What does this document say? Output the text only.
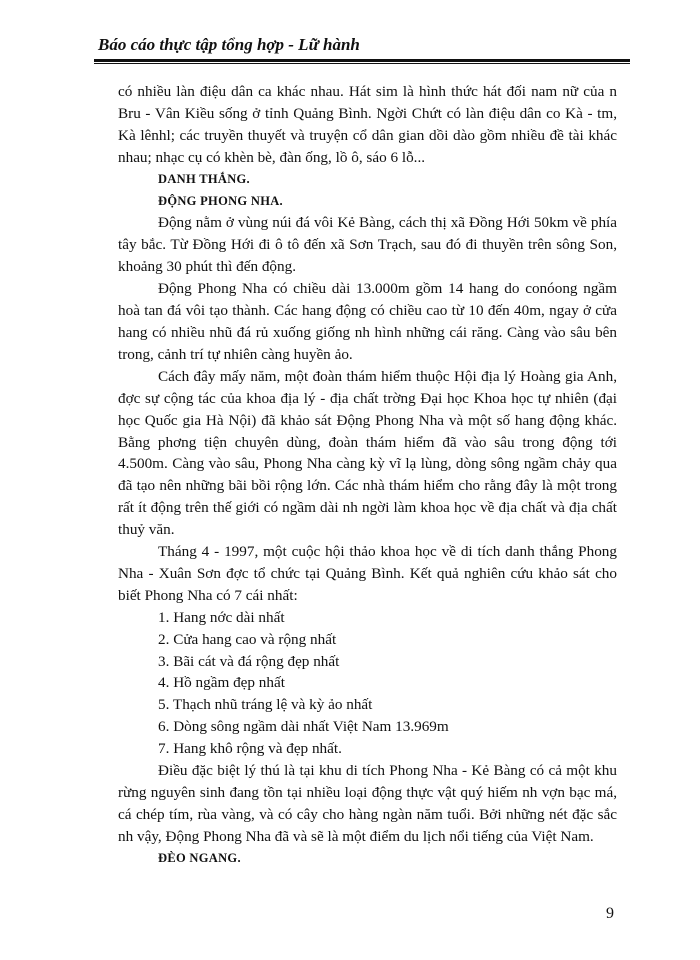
Báo cáo thực tập tổng hợp - Lữ hành

có nhiều làn điệu dân ca khác nhau. Hát sim là hình thức hát đối nam nữ của n Bru - Vân Kiều sống ở tỉnh Quảng Bình. Ngời Chứt có làn điệu dân co Kà - tm, Kà lênhl; các truyền thuyết và truyện cổ dân gian dồi dào gồm nhiều đề tài khác nhau; nhạc cụ có khèn bè, đàn ống, lồ ô, sáo 6 lỗ...

DANH THẮNG.
ĐỘNG PHONG NHA.

Động nằm ở vùng núi đá vôi Kẻ Bàng, cách thị xã Đồng Hới 50km về phía tây bắc. Từ Đồng Hới đi ô tô đến xã Sơn Trạch, sau đó đi thuyền trên sông Son, khoảng 30 phút thì đến động.

Động Phong Nha có chiều dài 13.000m gồm 14 hang do conóong ngầm hoà tan đá vôi tạo thành. Các hang động có chiều cao từ 10 đến 40m, ngay ở cửa hang có nhiều nhũ đá rủ xuống giống nh hình những cái răng. Càng vào sâu bên trong, cảnh trí tự nhiên càng huyền ảo.

Cách đây mấy năm, một đoàn thám hiểm thuộc Hội địa lý Hoàng gia Anh, đợc sự cộng tác của khoa địa lý - địa chất trờng Đại học Khoa học tự nhiên (đại học Quốc gia Hà Nội) đã khảo sát Động Phong Nha và một số hang động khác. Bằng phơng tiện chuyên dùng, đoàn thám hiểm đã vào sâu trong động tới 4.500m. Càng vào sâu, Phong Nha càng kỳ vĩ lạ lùng, dòng sông ngầm chảy qua đã tạo nên những bãi bồi rộng lớn. Các nhà thám hiểm cho rằng đây là một trong rất ít động trên thế giới có ngầm dài nh ngời làm khoa học về địa chất và địa chất thuỷ văn.

Tháng 4 - 1997, một cuộc hội thảo khoa học về di tích danh thắng Phong Nha - Xuân Sơn đợc tổ chức tại Quảng Bình. Kết quả nghiên cứu khảo sát cho biết Phong Nha có 7 cái nhất:

1. Hang nớc dài nhất
2. Cửa hang cao và rộng nhất
3. Bãi cát và đá rộng đẹp nhất
4. Hồ ngầm đẹp nhất
5. Thạch nhũ tráng lệ và kỳ ảo nhất
6. Dòng sông ngầm dài nhất Việt Nam 13.969m
7. Hang khô rộng và đẹp nhất.

Điều đặc biệt lý thú là tại khu di tích Phong Nha - Kẻ Bàng có cả một khu rừng nguyên sinh đang tồn tại nhiều loại động thực vật quý hiếm nh vợn bạc má, cá chép tím, rùa vàng, và có cây cho hàng ngàn năm tuổi. Bởi những nét đặc sắc nh vậy, Động Phong Nha đã và sẽ là một điểm du lịch nổi tiếng của Việt Nam.

ĐÈO NGANG.
9
